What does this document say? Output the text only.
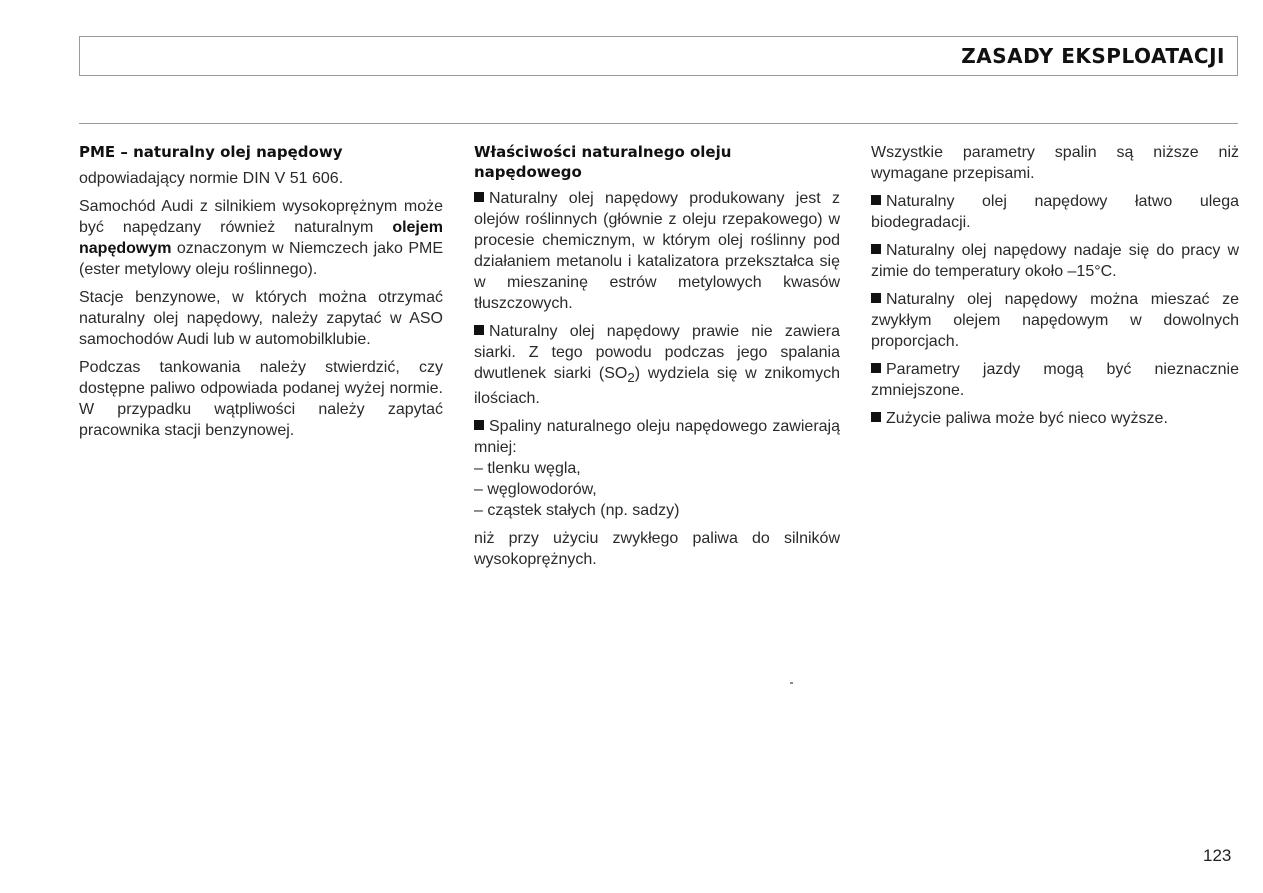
ZASADY EKSPLOATACJI
PME – naturalny olej napędowy

odpowiadający normie DIN V 51 606.

Samochód Audi z silnikiem wysokoprężnym może być napędzany również naturalnym olejem napędowym oznaczonym w Niemczech jako PME (ester metylowy oleju roślinnego).

Stacje benzynowe, w których można otrzymać naturalny olej napędowy, należy zapytać w ASO samochodów Audi lub w automobilklubie.

Podczas tankowania należy stwierdzić, czy dostępne paliwo odpowiada podanej wyżej normie. W przypadku wątpliwości należy zapytać pracownika stacji benzynowej.

Właściwości naturalnego oleju napędowego

Naturalny olej napędowy produkowany jest z olejów roślinnych (głównie z oleju rzepakowego) w procesie chemicznym, w którym olej roślinny pod działaniem metanolu i katalizatora przekształca się w mieszaninę estrów metylowych kwasów tłuszczowych.

Naturalny olej napędowy prawie nie zawiera siarki. Z tego powodu podczas jego spalania dwutlenek siarki $(SO_2)$ wydziela się w znikomych ilościach.

Spaliny naturalnego oleju napędowego zawierają mniej:

– tlenku węgla,
– węglowodorów,
– cząstek stałych (np. sadzy)

niż przy użyciu zwykłego paliwa do silników wysokoprężnych.

Wszystkie parametry spalin są niższe niż wymagane przepisami.

Naturalny olej napędowy łatwo ulega biodegradacji.

Naturalny olej napędowy nadaje się do pracy w zimie do temperatury około –15°C.

Naturalny olej napędowy można mieszać ze zwykłym olejem napędowym w dowolnych proporcjach.

Parametry jazdy mogą być nieznacznie zmniejszone.

Zużycie paliwa może być nieco wyższe.

123
